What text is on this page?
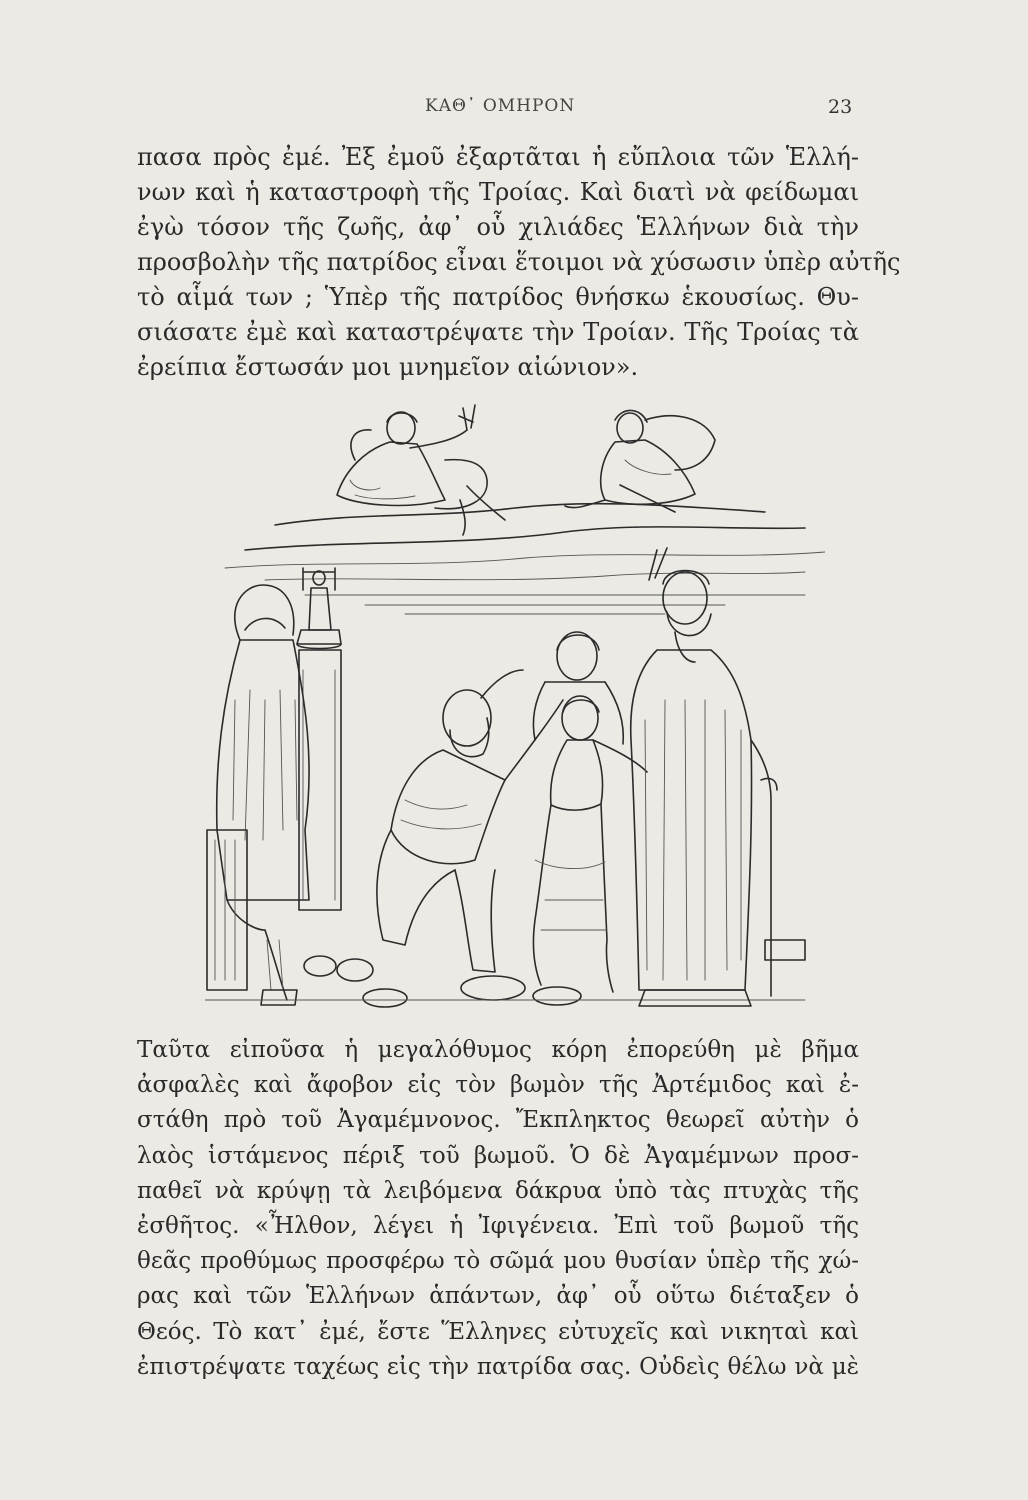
ΚΑΘ᾽ ΟΜΗΡΟΝ	23
πασα πρὸς ἐμέ. Ἐξ ἐμοῦ ἐξαρτᾶται ἡ εὔπλοια τῶν Ἑλλή-
νων καὶ ἡ καταστροφὴ τῆς Τροίας. Καὶ διατὶ νὰ φείδωμαι
ἐγὼ τόσον τῆς ζωῆς, ἀφ᾽ οὗ χιλιάδες Ἑλλήνων διὰ τὴν
προσβολὴν τῆς πατρίδος εἶναι ἕτοιμοι νὰ χύσωσιν ὑπὲρ αὐτῆς
τὸ αἷμά των ; Ὑπὲρ τῆς πατρίδος θνήσκω ἑκουσίως. Θυ-
σιάσατε ἐμὲ καὶ καταστρέψατε τὴν Τροίαν. Τῆς Τροίας τὰ
ἐρείπια ἔστωσάν μοι μνημεῖον αἰώνιον».
Ταῦτα εἰποῦσα ἡ μεγαλόθυμος κόρη ἐπορεύθη μὲ βῆμα
ἀσφαλὲς καὶ ἄφοβον εἰς τὸν βωμὸν τῆς Ἀρτέμιδος καὶ ἐ-
στάθη πρὸ τοῦ Ἀγαμέμνονος. Ἔκπληκτος θεωρεῖ αὐτὴν ὁ
λαὸς ἱστάμενος πέριξ τοῦ βωμοῦ. Ὁ δὲ Ἀγαμέμνων προσ-
παθεῖ νὰ κρύψῃ τὰ λειβόμενα δάκρυα ὑπὸ τὰς πτυχὰς τῆς
ἐσθῆτος. «Ἦλθον, λέγει ἡ Ἰφιγένεια. Ἐπὶ τοῦ βωμοῦ τῆς
θεᾶς προθύμως προσφέρω τὸ σῶμά μου θυσίαν ὑπὲρ τῆς χώ-
ρας καὶ τῶν Ἑλλήνων ἁπάντων, ἀφ᾽ οὗ οὕτω διέταξεν ὁ
Θεός. Τὸ κατ᾽ ἐμέ, ἔστε Ἕλληνες εὐτυχεῖς καὶ νικηταὶ καὶ
ἐπιστρέψατε ταχέως εἰς τὴν πατρίδα σας. Οὐδεὶς θέλω νὰ μὲ
